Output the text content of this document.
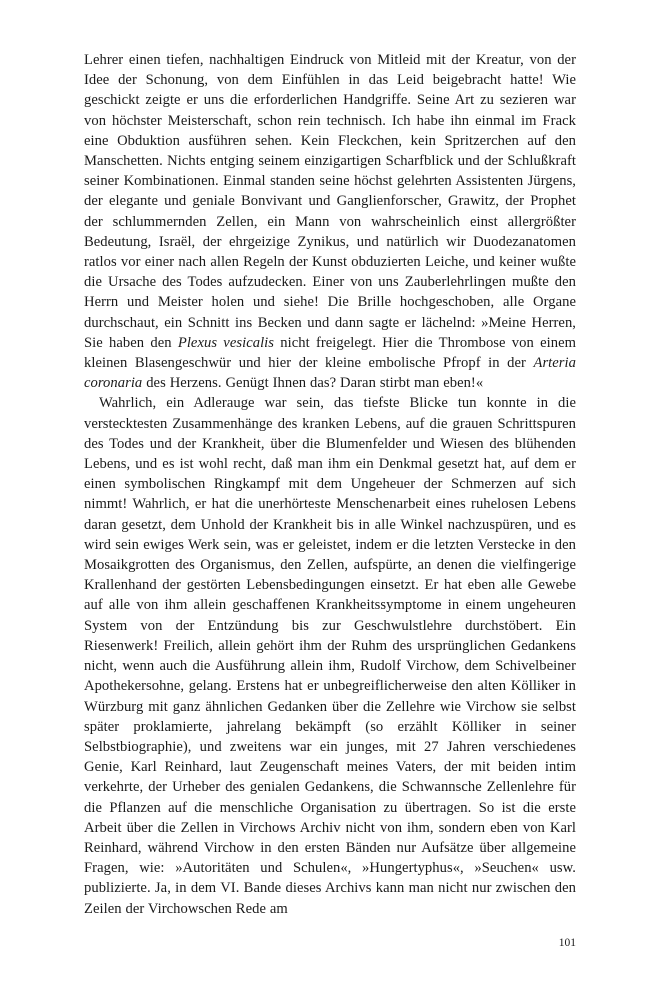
Lehrer einen tiefen, nachhaltigen Eindruck von Mitleid mit der Kreatur, von der Idee der Schonung, von dem Einfühlen in das Leid beigebracht hatte! Wie geschickt zeigte er uns die erforderlichen Handgriffe. Seine Art zu sezieren war von höchster Meisterschaft, schon rein technisch. Ich habe ihn einmal im Frack eine Obduktion ausführen sehen. Kein Fleckchen, kein Spritzerchen auf den Manschetten. Nichts entging seinem einzigartigen Scharfblick und der Schlußkraft seiner Kombinationen. Einmal standen seine höchst gelehrten Assistenten Jürgens, der elegante und geniale Bonvivant und Ganglienforscher, Grawitz, der Prophet der schlummernden Zellen, ein Mann von wahrscheinlich einst allergrößter Bedeutung, Israël, der ehrgeizige Zynikus, und natürlich wir Duodezanatomen ratlos vor einer nach allen Regeln der Kunst obduzierten Leiche, und keiner wußte die Ursache des Todes aufzudecken. Einer von uns Zauberlehrlingen mußte den Herrn und Meister holen und siehe! Die Brille hochgeschoben, alle Organe durchschaut, ein Schnitt ins Becken und dann sagte er lächelnd: »Meine Herren, Sie haben den Plexus vesicalis nicht freigelegt. Hier die Thrombose von einem kleinen Blasengeschwür und hier der kleine embolische Pfropf in der Arteria coronaria des Herzens. Genügt Ihnen das? Daran stirbt man eben!«

Wahrlich, ein Adlerauge war sein, das tiefste Blicke tun konnte in die verstecktesten Zusammenhänge des kranken Lebens, auf die grauen Schrittspuren des Todes und der Krankheit, über die Blumenfelder und Wiesen des blühenden Lebens, und es ist wohl recht, daß man ihm ein Denkmal gesetzt hat, auf dem er einen symbolischen Ringkampf mit dem Ungeheuer der Schmerzen auf sich nimmt! Wahrlich, er hat die unerhörteste Menschenarbeit eines ruhelosen Lebens daran gesetzt, dem Unhold der Krankheit bis in alle Winkel nachzuspüren, und es wird sein ewiges Werk sein, was er geleistet, indem er die letzten Verstecke in den Mosaikgrotten des Organismus, den Zellen, aufspürte, an denen die vielfingerige Krallenhand der gestörten Lebensbedingungen einsetzt. Er hat eben alle Gewebe auf alle von ihm allein geschaffenen Krankheitssymptome in einem ungeheuren System von der Entzündung bis zur Geschwulstlehre durchstöbert. Ein Riesenwerk! Freilich, allein gehört ihm der Ruhm des ursprünglichen Gedankens nicht, wenn auch die Ausführung allein ihm, Rudolf Virchow, dem Schivelbeiner Apothekersohne, gelang. Erstens hat er unbegreiflicherweise den alten Kölliker in Würzburg mit ganz ähnlichen Gedanken über die Zellehre wie Virchow sie selbst später proklamierte, jahrelang bekämpft (so erzählt Kölliker in seiner Selbstbiographie), und zweitens war ein junges, mit 27 Jahren verschiedenes Genie, Karl Reinhard, laut Zeugenschaft meines Vaters, der mit beiden intim verkehrte, der Urheber des genialen Gedankens, die Schwannsche Zellenlehre für die Pflanzen auf die menschliche Organisation zu übertragen. So ist die erste Arbeit über die Zellen in Virchows Archiv nicht von ihm, sondern eben von Karl Reinhard, während Virchow in den ersten Bänden nur Aufsätze über allgemeine Fragen, wie: »Autoritäten und Schulen«, »Hungertyphus«, »Seuchen« usw. publizierte. Ja, in dem VI. Bande dieses Archivs kann man nicht nur zwischen den Zeilen der Virchowschen Rede am

101
